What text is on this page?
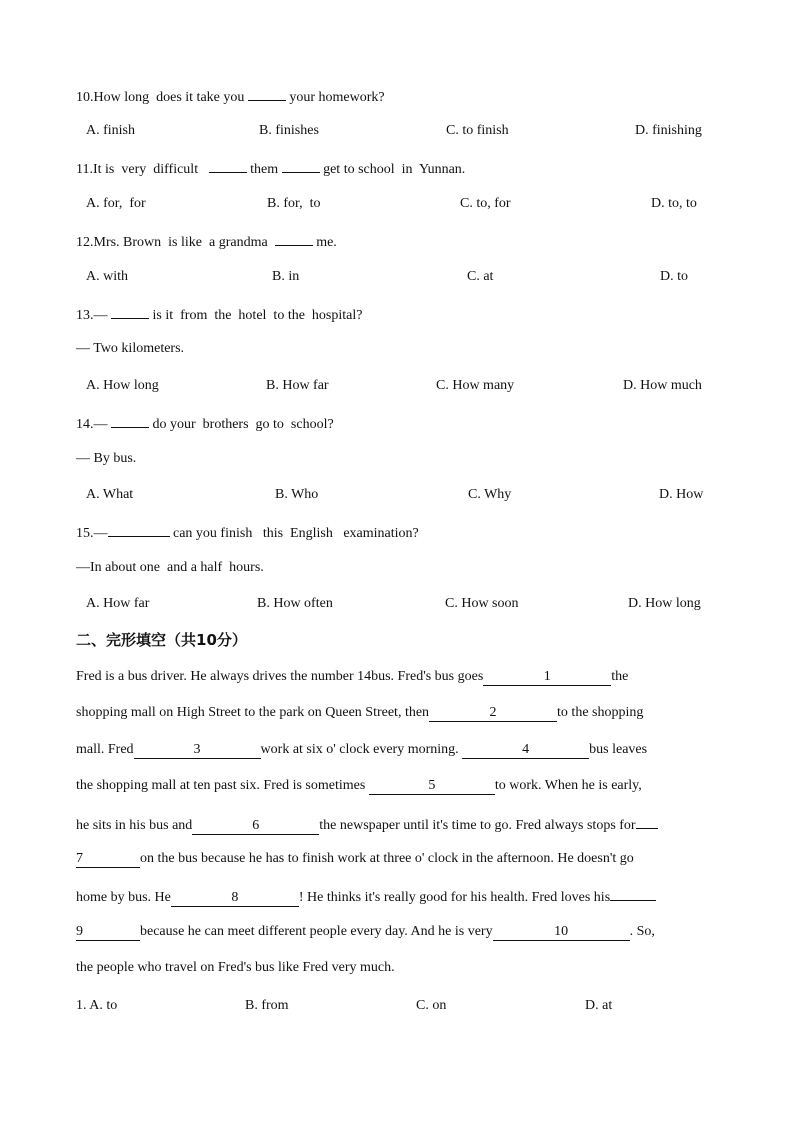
10.How long  does it take you	your homework?
A. finish	B. finishes	C. to finish	D. finishing
11.It is  very  difficult	them	get to school  in  Yunnan.
A. for,  for	B. for,  to	C. to, for	D. to, to
12.Mrs. Brown  is like  a grandma	me.
A. with	B. in	C. at	D. to
13.—	is it  from  the  hotel  to the  hospital?
— Two kilometers.
A. How long	B. How far	C. How many	D. How much
14.—	do your  brothers  go to  school?
— By bus.
A. What	B. Who	C. Why	D. How
15.—	can you finish   this  English   examination?
—In about one  and a half  hours.
A. How far	B. How often	C. How soon	D. How long
二、完形填空（共10分）
Fred is a bus driver. He always drives the number 14bus. Fred's bus goes	1	the
shopping mall on High Street to the park on Queen Street, then	2	to the shopping
mall. Fred	3	work at six o' clock every morning.	4	bus leaves
the shopping mall at ten past six. Fred is sometimes	5	to work. When he is early,
he sits in his bus and	6	the newspaper until it's time to go. Fred always stops for
7	on the bus because he has to finish work at three o' clock in the afternoon. He doesn't go
home by bus. He	8	! He thinks it's really good for his health. Fred loves his
9	because he can meet different people every day. And he is very	10	. So,
the people who travel on Fred's bus like Fred very much.
1. A. to	B. from	C. on	D. at
